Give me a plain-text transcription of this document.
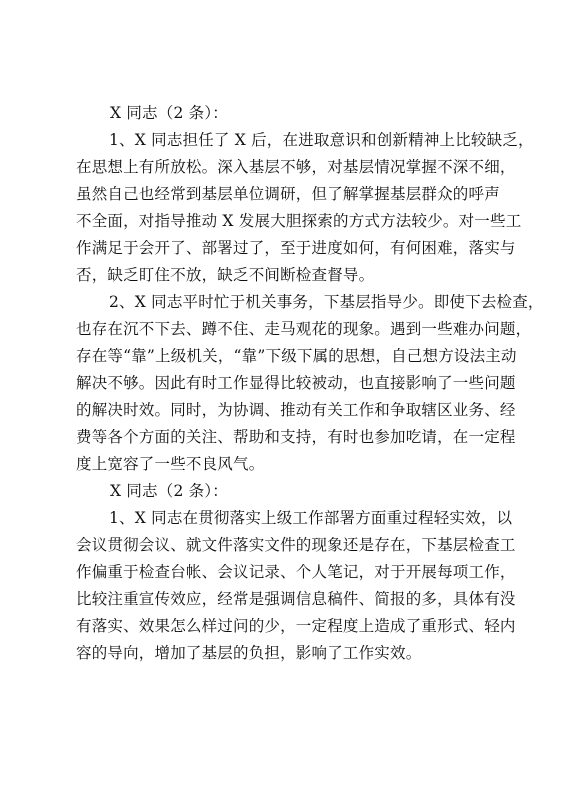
X 同志（2 条）：
1、X 同志担任了 X 后，在进取意识和创新精神上比较缺乏，
在思想上有所放松。深入基层不够，对基层情况掌握不深不细，
虽然自己也经常到基层单位调研，但了解掌握基层群众的呼声
不全面，对指导推动 X 发展大胆探索的方式方法较少。对一些工
作满足于会开了、部署过了，至于进度如何，有何困难，落实与
否，缺乏盯住不放，缺乏不间断检查督导。
2、X 同志平时忙于机关事务，下基层指导少。即使下去检查，
也存在沉不下去、蹲不住、走马观花的现象。遇到一些难办问题，
存在等“靠”上级机关，“靠”下级下属的思想，自己想方设法主动
解决不够。因此有时工作显得比较被动，也直接影响了一些问题
的解决时效。同时，为协调、推动有关工作和争取辖区业务、经
费等各个方面的关注、帮助和支持，有时也参加吃请，在一定程
度上宽容了一些不良风气。
X 同志（2 条）：
1、X 同志在贯彻落实上级工作部署方面重过程轻实效，以
会议贯彻会议、就文件落实文件的现象还是存在，下基层检查工
作偏重于检查台帐、会议记录、个人笔记，对于开展每项工作，
比较注重宣传效应，经常是强调信息稿件、简报的多，具体有没
有落实、效果怎么样过问的少，一定程度上造成了重形式、轻内
容的导向，增加了基层的负担，影响了工作实效。
